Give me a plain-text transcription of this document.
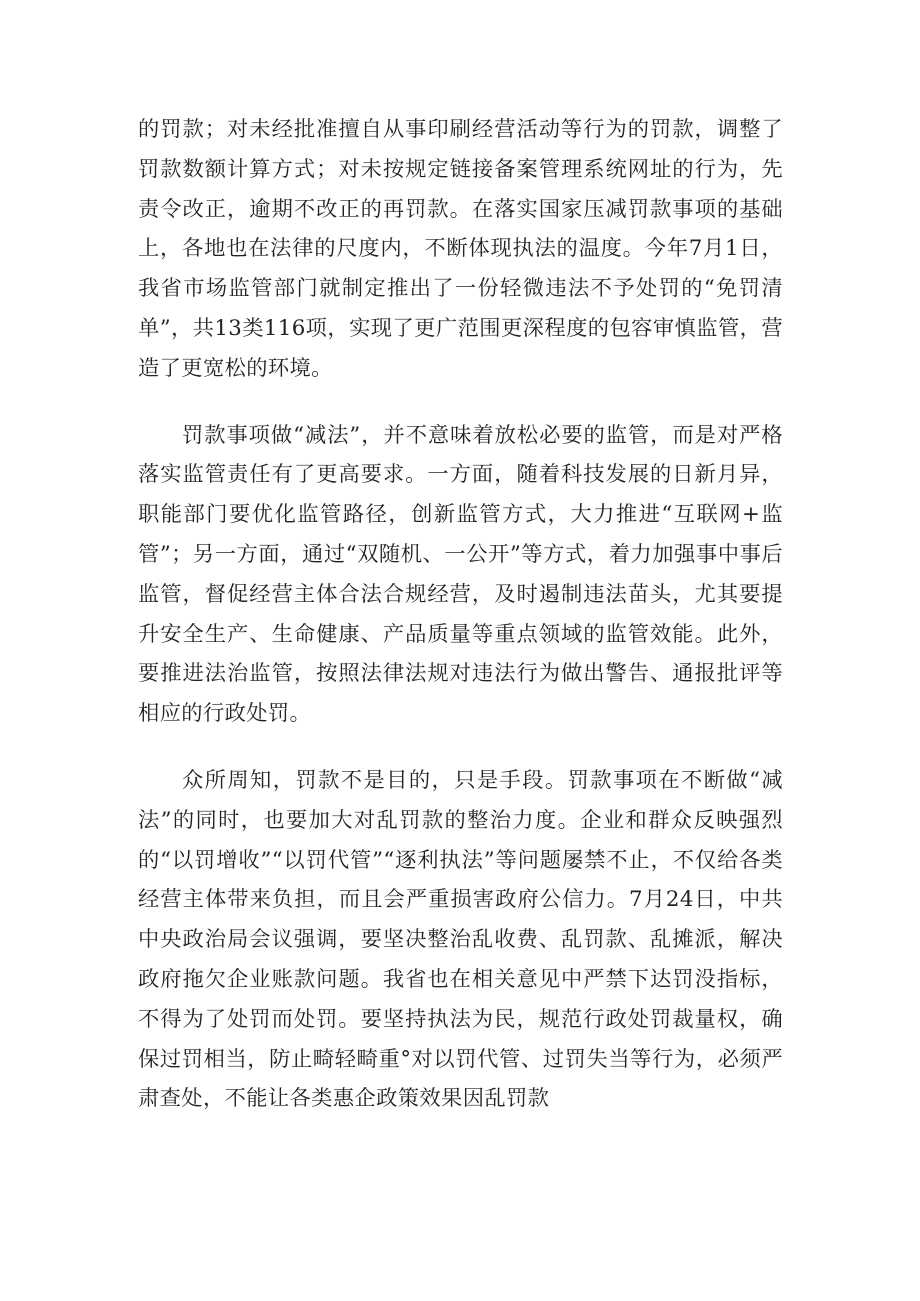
的罚款；对未经批准擅自从事印刷经营活动等行为的罚款，调整了罚款数额计算方式；对未按规定链接备案管理系统网址的行为，先责令改正，逾期不改正的再罚款。在落实国家压减罚款事项的基础上，各地也在法律的尺度内，不断体现执法的温度。今年7月1日，我省市场监管部门就制定推出了一份轻微违法不予处罚的“免罚清单”，共13类116项，实现了更广范围更深程度的包容审慎监管，营造了更宽松的环境。

罚款事项做“减法”，并不意味着放松必要的监管，而是对严格落实监管责任有了更高要求。一方面，随着科技发展的日新月异，职能部门要优化监管路径，创新监管方式，大力推进“互联网+监管”；另一方面，通过“双随机、一公开”等方式，着力加强事中事后监管，督促经营主体合法合规经营，及时遏制违法苗头，尤其要提升安全生产、生命健康、产品质量等重点领域的监管效能。此外，要推进法治监管，按照法律法规对违法行为做出警告、通报批评等相应的行政处罚。

众所周知，罚款不是目的，只是手段。罚款事项在不断做“减法”的同时，也要加大对乱罚款的整治力度。企业和群众反映强烈的“以罚增收”“以罚代管”“逐利执法”等问题屡禁不止，不仅给各类经营主体带来负担，而且会严重损害政府公信力。7月24日，中共中央政治局会议强调，要坚决整治乱收费、乱罚款、乱摊派，解决政府拖欠企业账款问题。我省也在相关意见中严禁下达罚没指标，不得为了处罚而处罚。要坚持执法为民，规范行政处罚裁量权，确保过罚相当，防止畸轻畸重°对以罚代管、过罚失当等行为，必须严肃查处，不能让各类惠企政策效果因乱罚款
